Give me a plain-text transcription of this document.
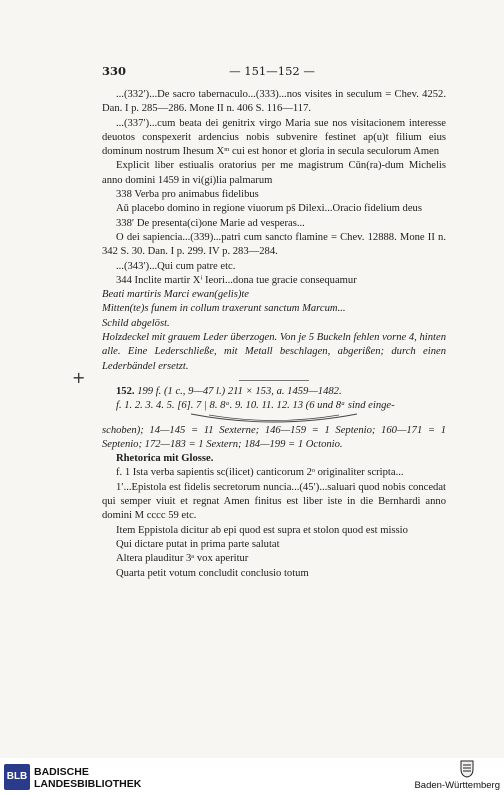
330	— 151—152 —

...(332′)...De sacro tabernaculo...(333)...nos visites in seculum = Chev. 4252. Dan. I p. 285—286. Mone II n. 406 S. 116—117.

...(337′)...cum beata dei genitrix virgo Maria sue nos visitacionem interesse deuotos conspexerit ardencius nobis subvenire festinet ap(u)t filium eius dominum nostrum Ihesum Xᵐ cui est honor et gloria in secula seculorum Amen

Explicit liber estiualis oratorius per me magistrum Cūn(ra)-dum Michelis anno domini 1459 in vi(gi)lia palmarum

338 Verba pro animabus fidelibus

Aū placebo domino in regione viuorum ps̄ Dilexi...Oracio fidelium deus

338′ De presenta(ci)one Marie ad vesperas...

O dei sapiencia...(339)...patri cum sancto flamine = Chev. 12888. Mone II n. 342 S. 30. Dan. I p. 299. IV p. 283—284.

...(343′)...Qui cum patre etc.

344 Inclite martir Xⁱ Ieori...dona tue gracie consequamur

Beati martiris Marci ewan(gelis)te

Mitten(te)s funem in collum traxerunt sanctum Marcum...

Schild abgelöst.

Holzdeckel mit grauem Leder überzogen. Von je 5 Buckeln fehlen vorne 4, hinten alle. Eine Lederschließe, mit Metall beschlagen, abgerißen; durch einen Lederbändel ersetzt.

152. 199 f. (1 c., 9—47 l.) 211 × 153, a. 1459—1482.

f. 1. 2. 3. 4. 5. [6]. 7 | 8. 8ᵃ. 9. 10. 11. 12. 13 (6 und 8ᵃ sind einge-

schoben); 14—145 = 11 Sexterne; 146—159 = 1 Septenio; 160—171 = 1 Septenio; 172—183 = 1 Sextern; 184—199 = 1 Octonio.

Rhetorica mit Glosse.

f. 1 Ista verba sapientis sc(ilicet) canticorum 2ᵒ originaliter scripta...

1′...Epistola est fidelis secretorum nuncia...(45′)...saluari quod nobis concedat qui semper viuit et regnat Amen finitus est liber iste in die Bernhardi anno domini M cccc 59 etc.

Item Eppistola dicitur ab epi quod est supra et stolon quod est missio

Qui dictare putat in prima parte salutat

Altera plauditur 3ᵃ vox aperitur

Quarta petit votum concludit conclusio totum

+
BLB BADISCHE
LANDESBIBLIOTHEK	Baden-Württemberg
